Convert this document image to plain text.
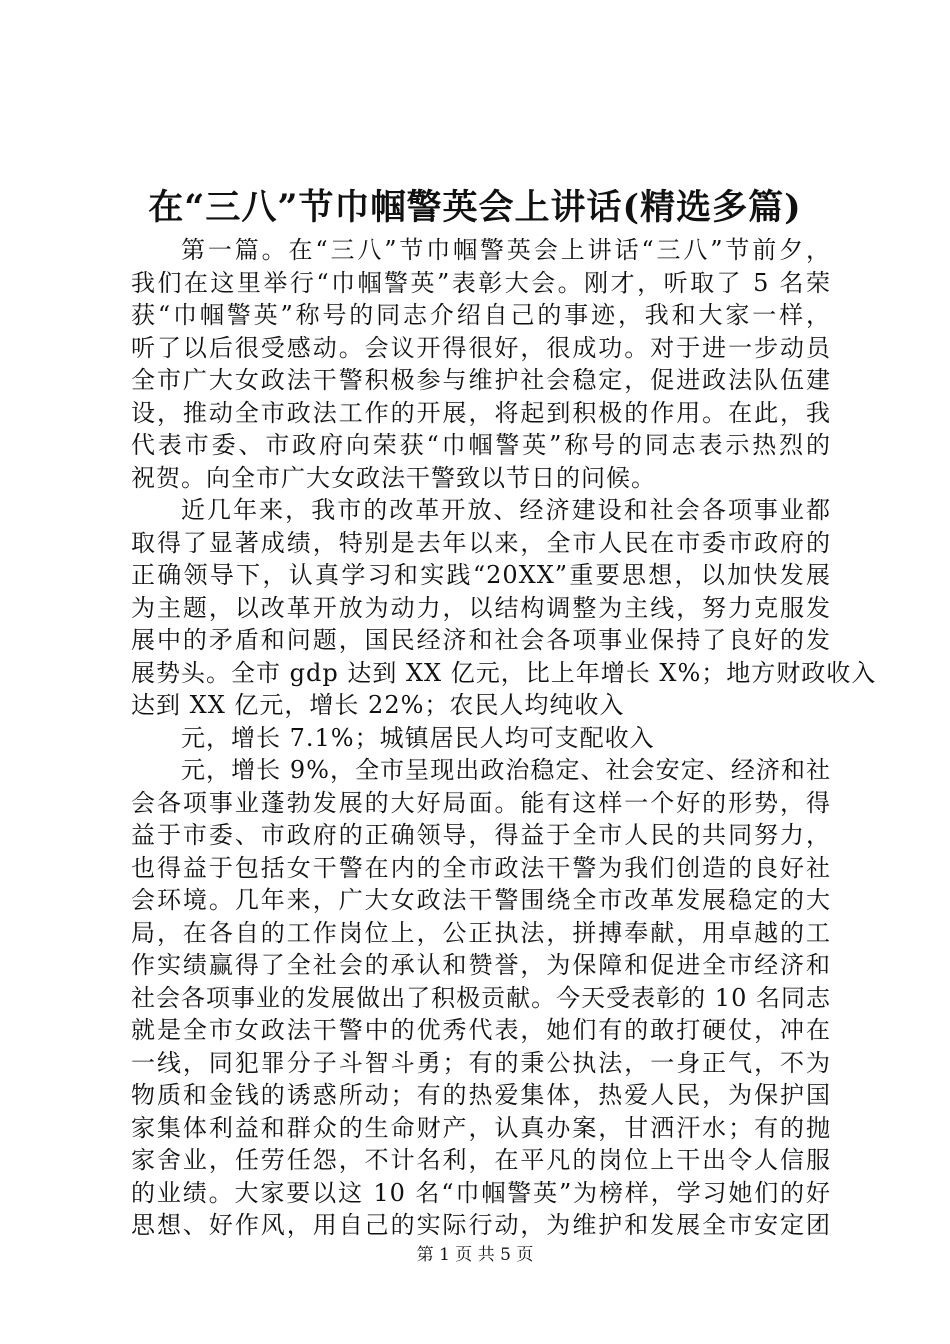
在“三八”节巾帼警英会上讲话(精选多篇)
第一篇。在“三八”节巾帼警英会上讲话“三八”节前夕，
我们在这里举行“巾帼警英”表彰大会。刚才，听取了 5 名荣
获“巾帼警英”称号的同志介绍自己的事迹，我和大家一样，
听了以后很受感动。会议开得很好，很成功。对于进一步动员
全市广大女政法干警积极参与维护社会稳定，促进政法队伍建
设，推动全市政法工作的开展，将起到积极的作用。在此，我
代表市委、市政府向荣获“巾帼警英”称号的同志表示热烈的
祝贺。向全市广大女政法干警致以节日的问候。
近几年来，我市的改革开放、经济建设和社会各项事业都
取得了显著成绩，特别是去年以来，全市人民在市委市政府的
正确领导下，认真学习和实践“20XX”重要思想，以加快发展
为主题，以改革开放为动力，以结构调整为主线，努力克服发
展中的矛盾和问题，国民经济和社会各项事业保持了良好的发
展势头。全市 gdp 达到 XX 亿元，比上年增长 X%；地方财政收入
达到 XX 亿元，增长 22%；农民人均纯收入
元，增长 7.1%；城镇居民人均可支配收入
元，增长 9%，全市呈现出政治稳定、社会安定、经济和社
会各项事业蓬勃发展的大好局面。能有这样一个好的形势，得
益于市委、市政府的正确领导，得益于全市人民的共同努力，
也得益于包括女干警在内的全市政法干警为我们创造的良好社
会环境。几年来，广大女政法干警围绕全市改革发展稳定的大
局，在各自的工作岗位上，公正执法，拼搏奉献，用卓越的工
作实绩赢得了全社会的承认和赞誉，为保障和促进全市经济和
社会各项事业的发展做出了积极贡献。今天受表彰的 10 名同志
就是全市女政法干警中的优秀代表，她们有的敢打硬仗，冲在
一线，同犯罪分子斗智斗勇；有的秉公执法，一身正气，不为
物质和金钱的诱惑所动；有的热爱集体，热爱人民，为保护国
家集体利益和群众的生命财产，认真办案，甘洒汗水；有的抛
家舍业，任劳任怨，不计名利，在平凡的岗位上干出令人信服
的业绩。大家要以这 10 名“巾帼警英”为榜样，学习她们的好
思想、好作风，用自己的实际行动，为维护和发展全市安定团
第 1 页 共 5 页
